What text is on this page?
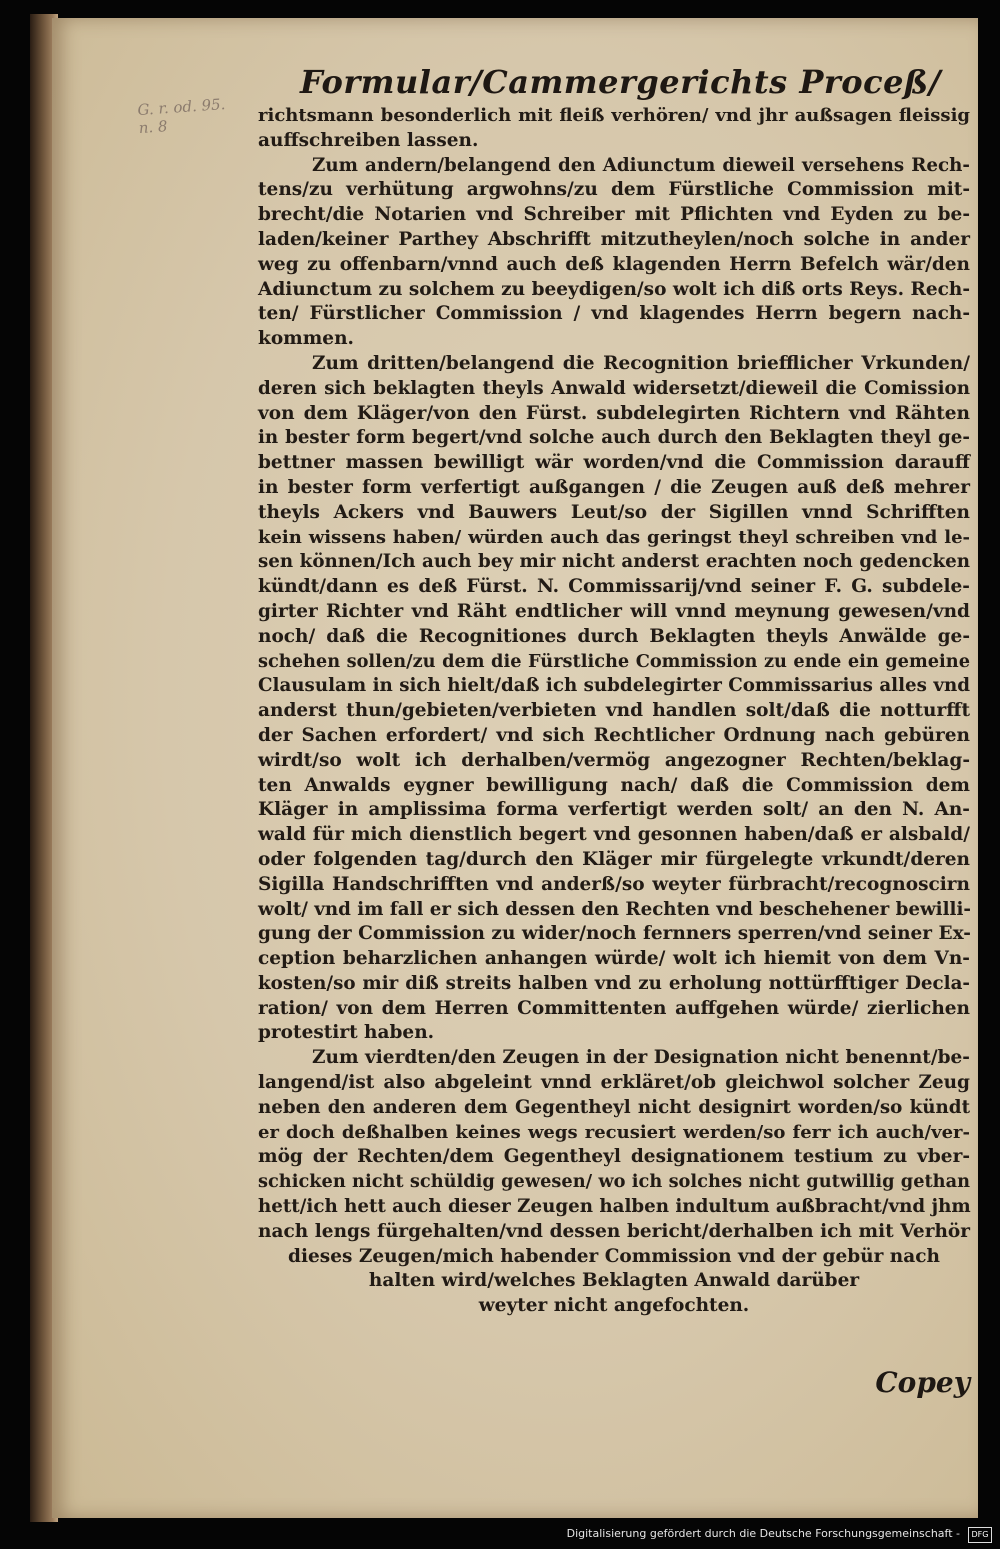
G. r. od. 95.
n. 8
Formular/Cammergerichts Proceß/
richtsmann besonderlich mit fleiß verhören/ vnd jhr außsagen fleissig
auffschreiben lassen.
Zum andern/belangend den Adiunctum dieweil versehens Rech-
tens/zu verhütung argwohns/zu dem Fürstliche Commission mit-
brecht/die Notarien vnd Schreiber mit Pflichten vnd Eyden zu be-
laden/keiner Parthey Abschrifft mitzutheylen/noch solche in ander
weg zu offenbarn/vnnd auch deß klagenden Herrn Befelch wär/den
Adiunctum zu solchem zu beeydigen/so wolt ich diß orts Reys. Rech-
ten/ Fürstlicher Commission / vnd klagendes Herrn begern nach-
kommen.
Zum dritten/belangend die Recognition briefflicher Vrkunden/
deren sich beklagten theyls Anwald widersetzt/dieweil die Comission
von dem Kläger/von den Fürst. subdelegirten Richtern vnd Rähten
in bester form begert/vnd solche auch durch den Beklagten theyl ge-
bettner massen bewilligt wär worden/vnd die Commission darauff
in bester form verfertigt außgangen / die Zeugen auß deß mehrer
theyls Ackers vnd Bauwers Leut/so der Sigillen vnnd Schrifften
kein wissens haben/ würden auch das geringst theyl schreiben vnd le-
sen können/Ich auch bey mir nicht anderst erachten noch gedencken
kündt/dann es deß Fürst. N. Commissarij/vnd seiner F. G. subdele-
girter Richter vnd Räht endtlicher will vnnd meynung gewesen/vnd
noch/ daß die Recognitiones durch Beklagten theyls Anwälde ge-
schehen sollen/zu dem die Fürstliche Commission zu ende ein gemeine
Clausulam in sich hielt/daß ich subdelegirter Commissarius alles vnd
anderst thun/gebieten/verbieten vnd handlen solt/daß die notturfft
der Sachen erfordert/ vnd sich Rechtlicher Ordnung nach gebüren
wirdt/so wolt ich derhalben/vermög angezogner Rechten/beklag-
ten Anwalds eygner bewilligung nach/ daß die Commission dem
Kläger in amplissima forma verfertigt werden solt/ an den N. An-
wald für mich dienstlich begert vnd gesonnen haben/daß er alsbald/
oder folgenden tag/durch den Kläger mir fürgelegte vrkundt/deren
Sigilla Handschrifften vnd anderß/so weyter fürbracht/recognoscirn
wolt/ vnd im fall er sich dessen den Rechten vnd beschehener bewilli-
gung der Commission zu wider/noch fernners sperren/vnd seiner Ex-
ception beharzlichen anhangen würde/ wolt ich hiemit von dem Vn-
kosten/so mir diß streits halben vnd zu erholung nottürfftiger Decla-
ration/ von dem Herren Committenten auffgehen würde/ zierlichen
protestirt haben.
Zum vierdten/den Zeugen in der Designation nicht benennt/be-
langend/ist also abgeleint vnnd erkläret/ob gleichwol solcher Zeug
neben den anderen dem Gegentheyl nicht designirt worden/so kündt
er doch deßhalben keines wegs recusiert werden/so ferr ich auch/ver-
mög der Rechten/dem Gegentheyl designationem testium zu vber-
schicken nicht schüldig gewesen/ wo ich solches nicht gutwillig gethan
hett/ich hett auch dieser Zeugen halben indultum außbracht/vnd jhm
nach lengs fürgehalten/vnd dessen bericht/derhalben ich mit Verhör
dieses Zeugen/mich habender Commission vnd der gebür nach
halten wird/welches Beklagten Anwald darüber
weyter nicht angefochten.
Copey
Digitalisierung gefördert durch die Deutsche Forschungsgemeinschaft -	DFG
